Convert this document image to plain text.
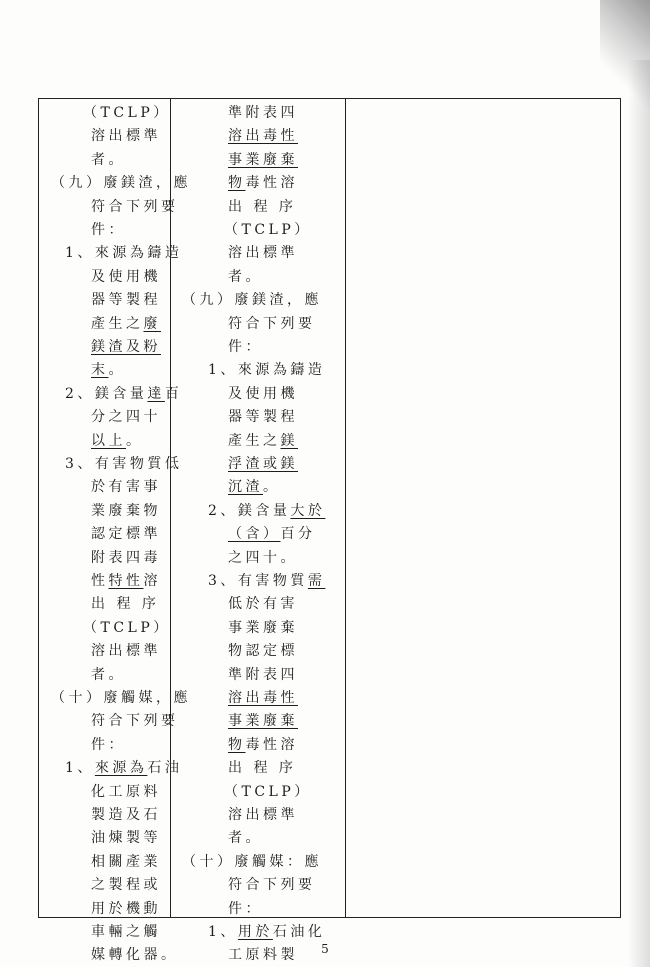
（TCLP）
溶出標準
者。
（九）廢鎂渣，應
符合下列要
件：
1、來源為鑄造
及使用機
器等製程
產生之廢
鎂渣及粉
末。
2、鎂含量達百
分之四十
以上。
3、有害物質低
於有害事
業廢棄物
認定標準
附表四毒
性特性溶
出 程 序
（TCLP）
溶出標準
者。
（十）廢觸媒，應
符合下列要
件：
1、來源為石油
化工原料
製造及石
油煉製等
相關產業
之製程或
用於機動
車輛之觸
媒轉化器。
準附表四
溶出毒性
事業廢棄
物毒性溶
出 程 序
（TCLP）
溶出標準
者。
（九）廢鎂渣，應
符合下列要
件：
1、來源為鑄造
及使用機
器等製程
產生之鎂
浮渣或鎂
沉渣。
2、鎂含量大於
（含）百分
之四十。
3、有害物質需
低於有害
事業廢棄
物認定標
準附表四
溶出毒性
事業廢棄
物毒性溶
出 程 序
（TCLP）
溶出標準
者。
（十）廢觸媒：應
符合下列要
件：
1、用於石油化
工原料製	5
